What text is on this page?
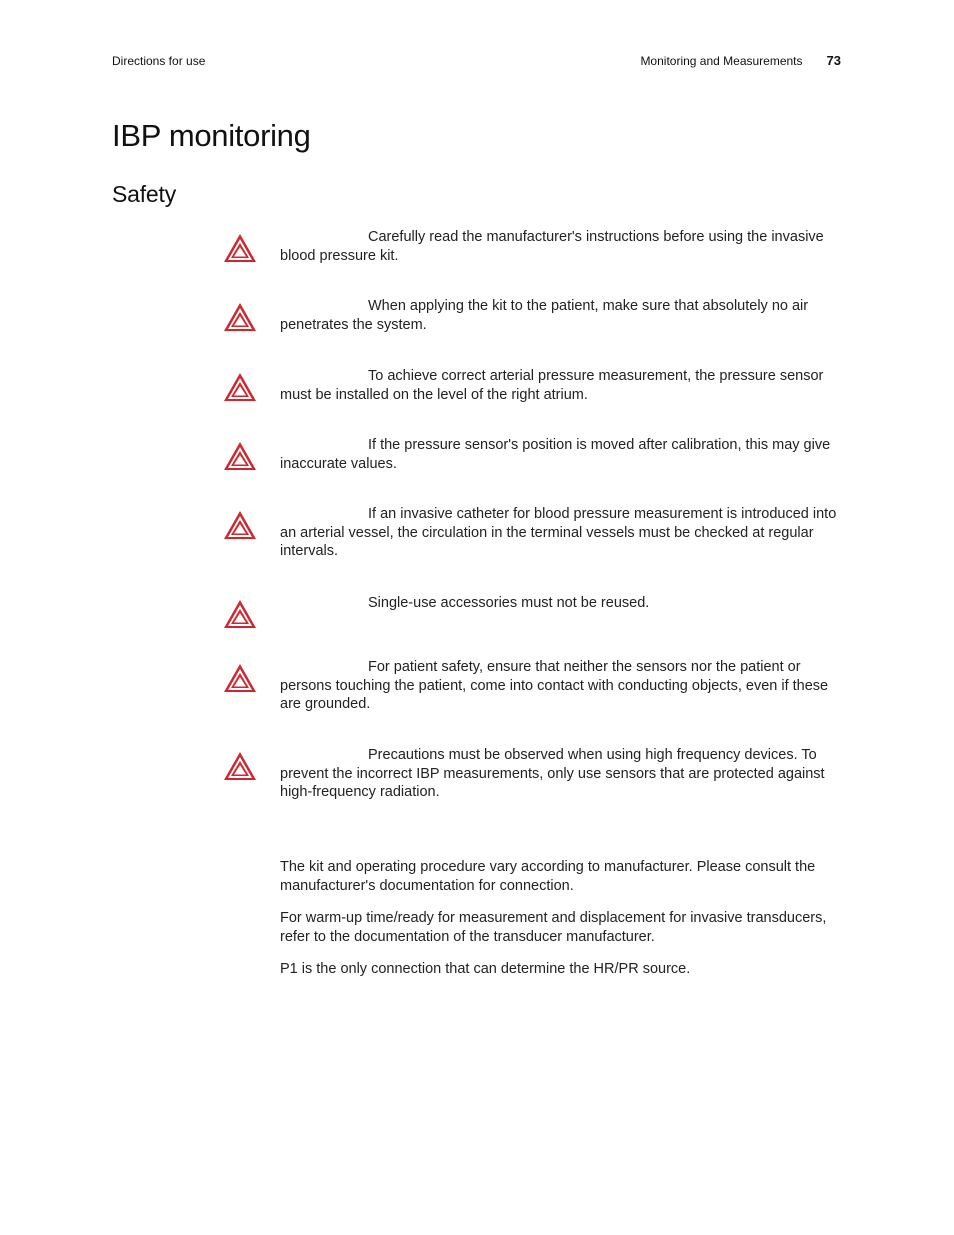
Directions for use	Monitoring and Measurements 73
IBP monitoring
Safety
Carefully read the manufacturer's instructions before using the invasive blood pressure kit.
When applying the kit to the patient, make sure that absolutely no air penetrates the system.
To achieve correct arterial pressure measurement, the pressure sensor must be installed on the level of the right atrium.
If the pressure sensor's position is moved after calibration, this may give inaccurate values.
If an invasive catheter for blood pressure measurement is introduced into an arterial vessel, the circulation in the terminal vessels must be checked at regular intervals.
Single-use accessories must not be reused.
For patient safety, ensure that neither the sensors nor the patient or persons touching the patient, come into contact with conducting objects, even if these are grounded.
Precautions must be observed when using high frequency devices. To prevent the incorrect IBP measurements, only use sensors that are protected against high-frequency radiation.

The kit and operating procedure vary according to manufacturer. Please consult the manufacturer's documentation for connection.

For warm-up time/ready for measurement and displacement for invasive transducers, refer to the documentation of the transducer manufacturer.

P1 is the only connection that can determine the HR/PR source.
